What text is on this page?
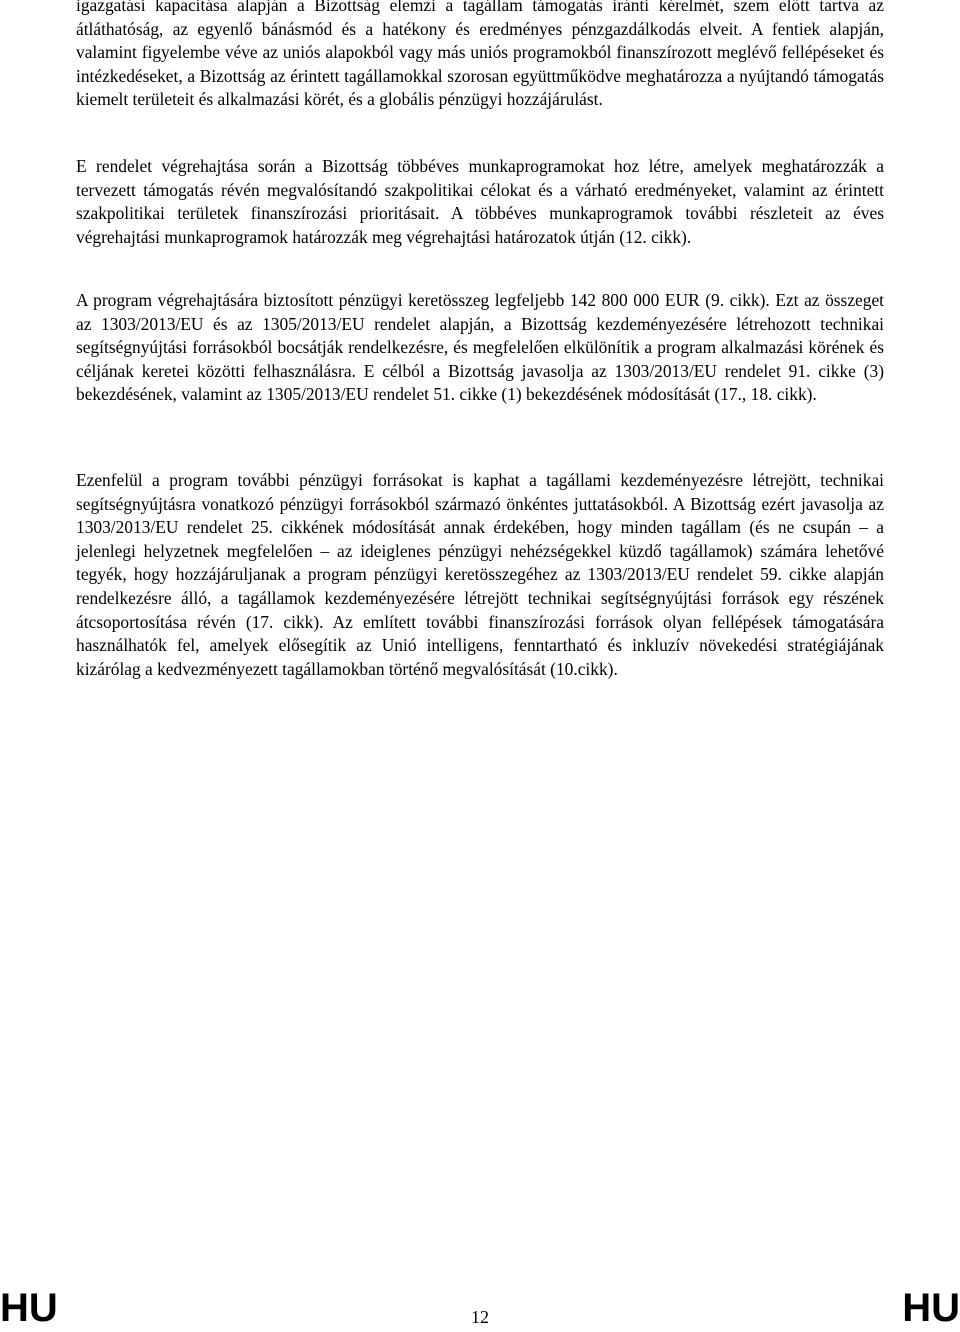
igazgatási kapacitása alapján a Bizottság elemzi a tagállam támogatás iránti kérelmét, szem előtt tartva az átláthatóság, az egyenlő bánásmód és a hatékony és eredményes pénzgazdálkodás elveit. A fentiek alapján, valamint figyelembe véve az uniós alapokból vagy más uniós programokból finanszírozott meglévő fellépéseket és intézkedéseket, a Bizottság az érintett tagállamokkal szorosan együttműködve meghatározza a nyújtandó támogatás kiemelt területeit és alkalmazási körét, és a globális pénzügyi hozzájárulást.

E rendelet végrehajtása során a Bizottság többéves munkaprogramokat hoz létre, amelyek meghatározzák a tervezett támogatás révén megvalósítandó szakpolitikai célokat és a várható eredményeket, valamint az érintett szakpolitikai területek finanszírozási prioritásait. A többéves munkaprogramok további részleteit az éves végrehajtási munkaprogramok határozzák meg végrehajtási határozatok útján (12. cikk).

A program végrehajtására biztosított pénzügyi keretösszeg legfeljebb 142 800 000 EUR (9. cikk). Ezt az összeget az 1303/2013/EU és az 1305/2013/EU rendelet alapján, a Bizottság kezdeményezésére létrehozott technikai segítségnyújtási forrásokból bocsátják rendelkezésre, és megfelelően elkülönítik a program alkalmazási körének és céljának keretei közötti felhasználásra. E célból a Bizottság javasolja az 1303/2013/EU rendelet 91. cikke (3) bekezdésének, valamint az 1305/2013/EU rendelet 51. cikke (1) bekezdésének módosítását (17., 18. cikk).

Ezenfelül a program további pénzügyi forrásokat is kaphat a tagállami kezdeményezésre létrejött, technikai segítségnyújtásra vonatkozó pénzügyi forrásokból származó önkéntes juttatásokból. A Bizottság ezért javasolja az 1303/2013/EU rendelet 25. cikkének módosítását annak érdekében, hogy minden tagállam (és ne csupán – a jelenlegi helyzetnek megfelelően – az ideiglenes pénzügyi nehézségekkel küzdő tagállamok) számára lehetővé tegyék, hogy hozzájáruljanak a program pénzügyi keretösszegéhez az 1303/2013/EU rendelet 59. cikke alapján rendelkezésre álló, a tagállamok kezdeményezésére létrejött technikai segítségnyújtási források egy részének átcsoportosítása révén (17. cikk). Az említett további finanszírozási források olyan fellépések támogatására használhatók fel, amelyek elősegítik az Unió intelligens, fenntartható és inkluzív növekedési stratégiájának kizárólag a kedvezményezett tagállamokban történő megvalósítását (10.cikk).

HU	12	HU
